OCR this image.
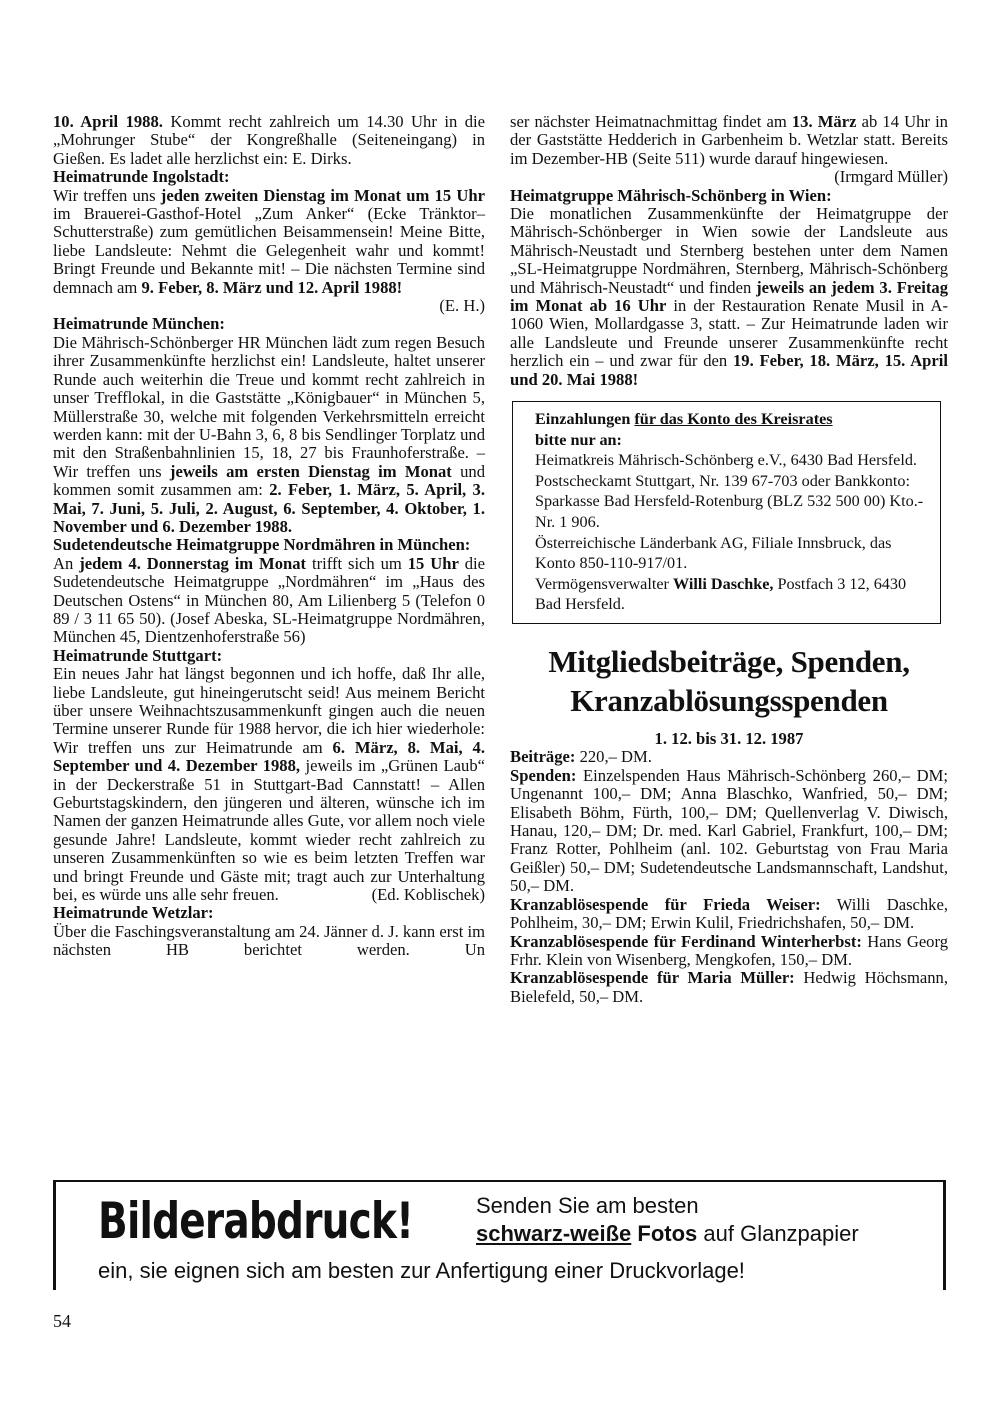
10. April 1988. Kommt recht zahlreich um 14.30 Uhr in die „Mohrunger Stube“ der Kongreßhalle (Seiteneingang) in Gießen. Es ladet alle herzlichst ein: E. Dirks.

Heimatrunde Ingolstadt:

Wir treffen uns jeden zweiten Dienstag im Monat um 15 Uhr im Brauerei-Gasthof-Hotel „Zum Anker“ (Ecke Tränktor–Schutterstraße) zum gemütlichen Beisammensein! Meine Bitte, liebe Landsleute: Nehmt die Gelegenheit wahr und kommt! Bringt Freunde und Bekannte mit! – Die nächsten Termine sind demnach am 9. Feber, 8. März und 12. April 1988!

(E. H.)

Heimatrunde München:

Die Mährisch-Schönberger HR München lädt zum regen Besuch ihrer Zusammenkünfte herzlichst ein! Landsleute, haltet unserer Runde auch weiterhin die Treue und kommt recht zahlreich in unser Trefflokal, in die Gaststätte „Königbauer“ in München 5, Müllerstraße 30, welche mit folgenden Verkehrsmitteln erreicht werden kann: mit der U-Bahn 3, 6, 8 bis Sendlinger Torplatz und mit den Straßenbahnlinien 15, 18, 27 bis Fraunhoferstraße. – Wir treffen uns jeweils am ersten Dienstag im Monat und kommen somit zusammen am: 2. Feber, 1. März, 5. April, 3. Mai, 7. Juni, 5. Juli, 2. August, 6. September, 4. Oktober, 1. November und 6. Dezember 1988.

Sudetendeutsche Heimatgruppe Nordmähren in München:

An jedem 4. Donnerstag im Monat trifft sich um 15 Uhr die Sudetendeutsche Heimatgruppe „Nordmähren“ im „Haus des Deutschen Ostens“ in München 80, Am Lilienberg 5 (Telefon 0 89 / 3 11 65 50). (Josef Abeska, SL-Heimatgruppe Nordmähren, München 45, Dientzenhoferstraße 56)

Heimatrunde Stuttgart:

Ein neues Jahr hat längst begonnen und ich hoffe, daß Ihr alle, liebe Landsleute, gut hineingerutscht seid! Aus meinem Bericht über unsere Weihnachtszusammenkunft gingen auch die neuen Termine unserer Runde für 1988 hervor, die ich hier wiederhole: Wir treffen uns zur Heimatrunde am 6. März, 8. Mai, 4. September und 4. Dezember 1988, jeweils im „Grünen Laub“ in der Deckerstraße 51 in Stuttgart-Bad Cannstatt! – Allen Geburtstagskindern, den jüngeren und älteren, wünsche ich im Namen der ganzen Heimatrunde alles Gute, vor allem noch viele gesunde Jahre! Landsleute, kommt wieder recht zahlreich zu unseren Zusammenkünften so wie es beim letzten Treffen war und bringt Freunde und Gäste mit; tragt auch zur Unterhaltung bei, es würde uns alle sehr freuen.	(Ed. Koblischek)

Heimatrunde Wetzlar:

Über die Faschingsveranstaltung am 24. Jänner d. J. kann erst im nächsten HB berichtet werden. Un

ser nächster Heimatnachmittag findet am 13. März ab 14 Uhr in der Gaststätte Hedderich in Garbenheim b. Wetzlar statt. Bereits im Dezember-HB (Seite 511) wurde darauf hingewiesen.

(Irmgard Müller)

Heimatgruppe Mährisch-Schönberg in Wien:

Die monatlichen Zusammenkünfte der Heimatgruppe der Mährisch-Schönberger in Wien sowie der Landsleute aus Mährisch-Neustadt und Sternberg bestehen unter dem Namen „SL-Heimatgruppe Nordmähren, Sternberg, Mährisch-Schönberg und Mährisch-Neustadt“ und finden jeweils an jedem 3. Freitag im Monat ab 16 Uhr in der Restauration Renate Musil in A-1060 Wien, Mollardgasse 3, statt. – Zur Heimatrunde laden wir alle Landsleute und Freunde unserer Zusammenkünfte recht herzlich ein – und zwar für den 19. Feber, 18. März, 15. April und 20. Mai 1988!

Einzahlungen für das Konto des Kreisrates
bitte nur an:
Heimatkreis Mährisch-Schönberg e.V., 6430 Bad Hersfeld.
Postscheckamt Stuttgart, Nr. 139 67-703 oder Bankkonto: Sparkasse Bad Hersfeld-Rotenburg (BLZ 532 500 00) Kto.-Nr. 1 906.
Österreichische Länderbank AG, Filiale Innsbruck, das Konto 850-110-917/01.
Vermögensverwalter Willi Daschke, Postfach 3 12, 6430 Bad Hersfeld.
Mitgliedsbeiträge, Spenden,
Kranzablösungsspenden

1. 12. bis 31. 12. 1987

Beiträge: 220,– DM.

Spenden: Einzelspenden Haus Mährisch-Schönberg 260,– DM; Ungenannt 100,– DM; Anna Blaschko, Wanfried, 50,– DM; Elisabeth Böhm, Fürth, 100,– DM; Quellenverlag V. Diwisch, Hanau, 120,– DM; Dr. med. Karl Gabriel, Frankfurt, 100,– DM; Franz Rotter, Pohlheim (anl. 102. Geburtstag von Frau Maria Geißler) 50,– DM; Sudetendeutsche Landsmannschaft, Landshut, 50,– DM.

Kranzablösespende für Frieda Weiser: Willi Daschke, Pohlheim, 30,– DM; Erwin Kulil, Friedrichshafen, 50,– DM.

Kranzablösespende für Ferdinand Winterherbst: Hans Georg Frhr. Klein von Wisenberg, Mengkofen, 150,– DM.

Kranzablösespende für Maria Müller: Hedwig Höchsmann, Bielefeld, 50,– DM.

Bilderabdruck!	Senden Sie am besten
schwarz-weiße Fotos auf Glanzpapier
ein, sie eignen sich am besten zur Anfertigung einer Druckvorlage!
54
